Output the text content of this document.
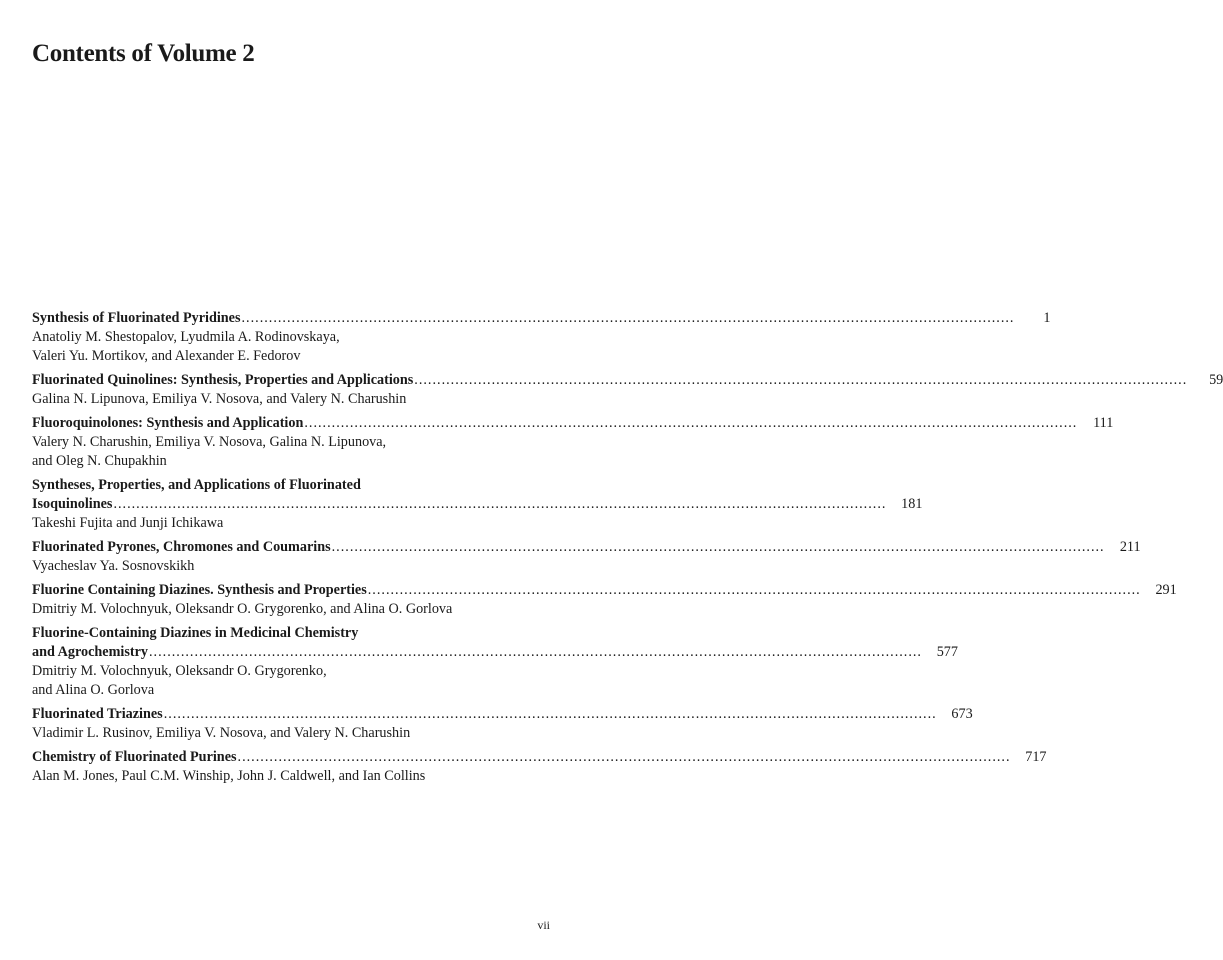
Contents of Volume 2
Synthesis of Fluorinated Pyridines ..........................................................................................................................................................................	1
Anatoliy M. Shestopalov, Lyudmila A. Rodinovskaya,
Valeri Yu. Mortikov, and Alexander E. Fedorov
Fluorinated Quinolines: Synthesis, Properties and Applications ..........................................................................................................................................................................	59
Galina N. Lipunova, Emiliya V. Nosova, and Valery N. Charushin
Fluoroquinolones: Synthesis and Application ..........................................................................................................................................................................	111
Valery N. Charushin, Emiliya V. Nosova, Galina N. Lipunova,
and Oleg N. Chupakhin
Syntheses, Properties, and Applications of Fluorinated
Isoquinolines ..........................................................................................................................................................................	181
Takeshi Fujita and Junji Ichikawa
Fluorinated Pyrones, Chromones and Coumarins ..........................................................................................................................................................................	211
Vyacheslav Ya. Sosnovskikh
Fluorine Containing Diazines. Synthesis and Properties ..........................................................................................................................................................................	291
Dmitriy M. Volochnyuk, Oleksandr O. Grygorenko, and Alina O. Gorlova
Fluorine-Containing Diazines in Medicinal Chemistry
and Agrochemistry ..........................................................................................................................................................................	577
Dmitriy M. Volochnyuk, Oleksandr O. Grygorenko,
and Alina O. Gorlova
Fluorinated Triazines ..........................................................................................................................................................................	673
Vladimir L. Rusinov, Emiliya V. Nosova, and Valery N. Charushin
Chemistry of Fluorinated Purines ..........................................................................................................................................................................	717
Alan M. Jones, Paul C.M. Winship, John J. Caldwell, and Ian Collins
vii
